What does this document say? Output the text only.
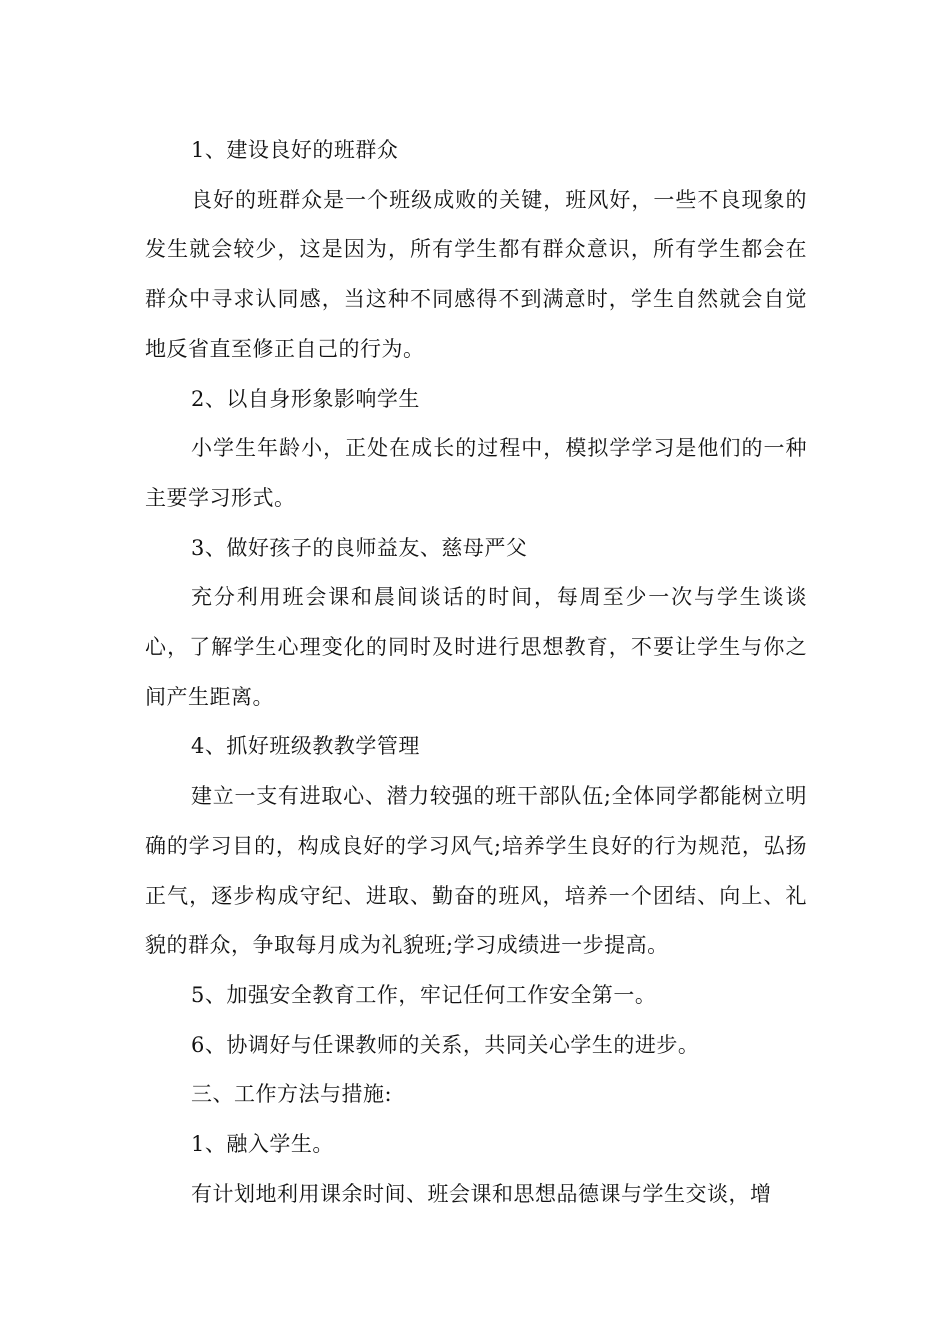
1、建设良好的班群众

良好的班群众是一个班级成败的关键，班风好，一些不良现象的发生就会较少，这是因为，所有学生都有群众意识，所有学生都会在群众中寻求认同感，当这种不同感得不到满意时，学生自然就会自觉地反省直至修正自己的行为。

2、以自身形象影响学生

小学生年龄小，正处在成长的过程中，模拟学学习是他们的一种主要学习形式。

3、做好孩子的良师益友、慈母严父

充分利用班会课和晨间谈话的时间，每周至少一次与学生谈谈心，了解学生心理变化的同时及时进行思想教育，不要让学生与你之间产生距离。

4、抓好班级教教学管理

建立一支有进取心、潜力较强的班干部队伍;全体同学都能树立明确的学习目的，构成良好的学习风气;培养学生良好的行为规范，弘扬正气，逐步构成守纪、进取、勤奋的班风，培养一个团结、向上、礼貌的群众，争取每月成为礼貌班;学习成绩进一步提高。

5、加强安全教育工作，牢记任何工作安全第一。

6、协调好与任课教师的关系，共同关心学生的进步。

三、工作方法与措施:

1、融入学生。

有计划地利用课余时间、班会课和思想品德课与学生交谈，增
